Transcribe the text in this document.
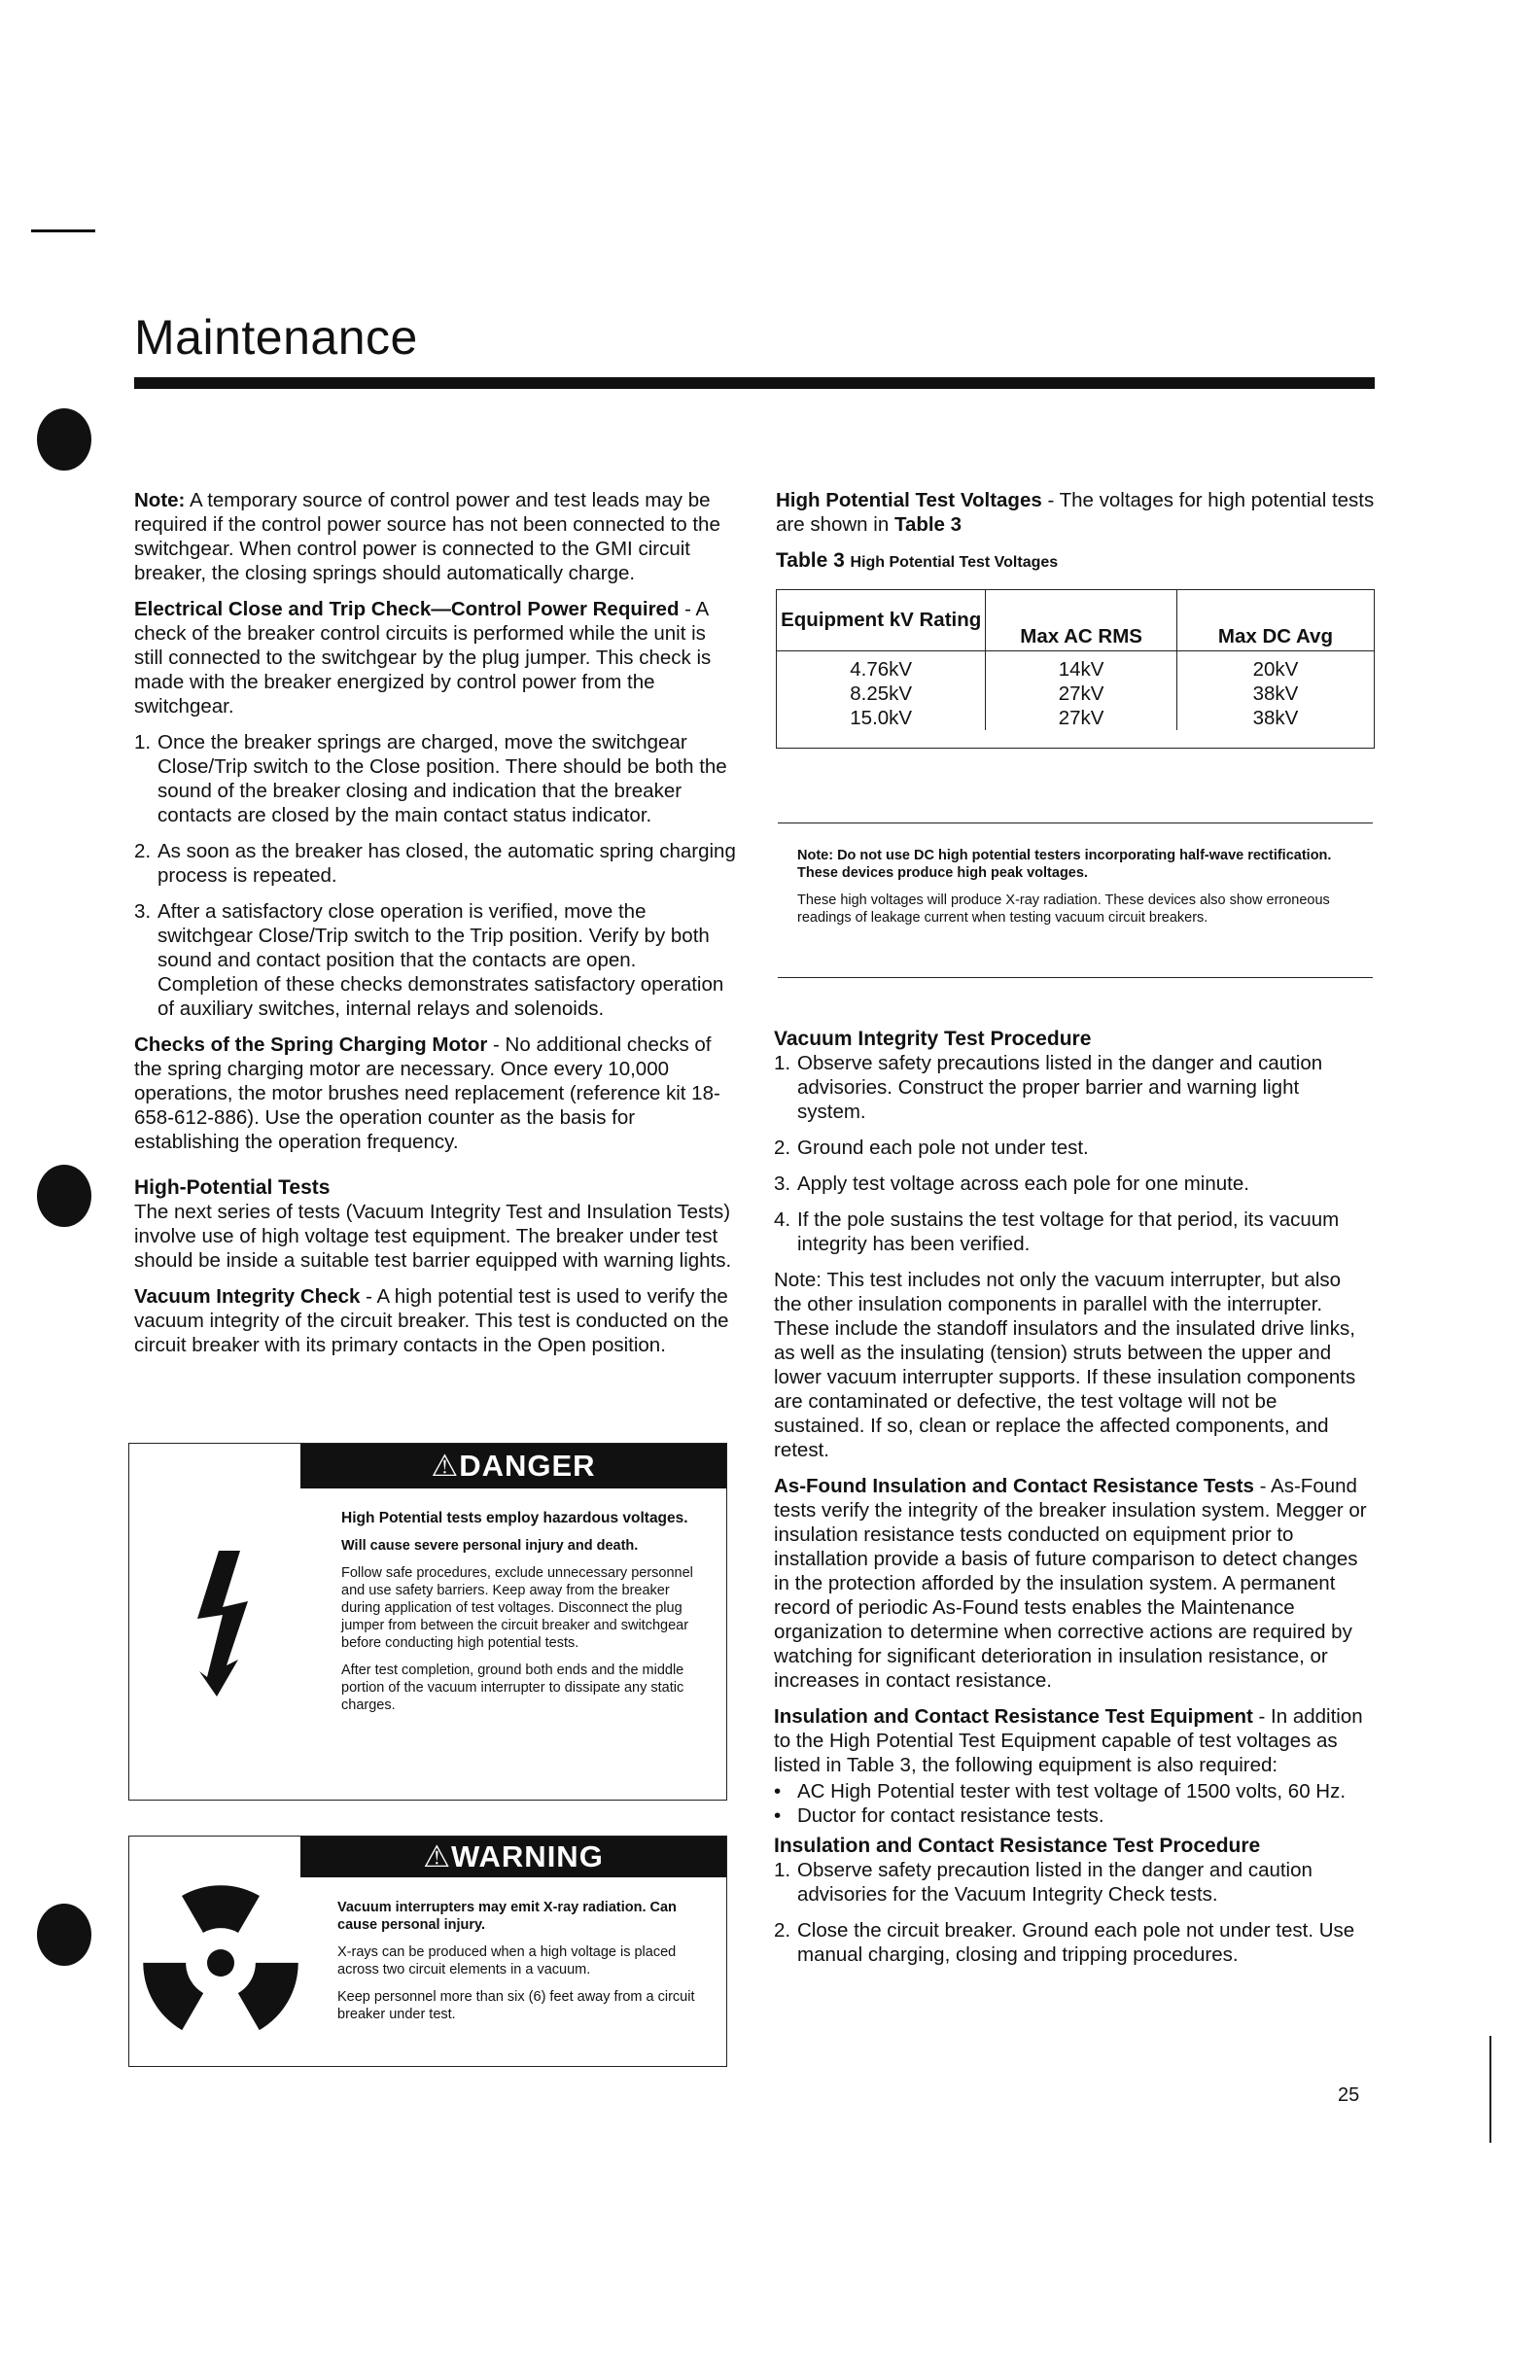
Maintenance

Note: A temporary source of control power and test leads may be required if the control power source has not been connected to the switchgear. When control power is connected to the GMI circuit breaker, the closing springs should automatically charge.

Electrical Close and Trip Check—Control Power Required - A check of the breaker control circuits is performed while the unit is still connected to the switchgear by the plug jumper. This check is made with the breaker energized by control power from the switchgear.

1. Once the breaker springs are charged, move the switchgear Close/Trip switch to the Close position. There should be both the sound of the breaker closing and indication that the breaker contacts are closed by the main contact status indicator.
2. As soon as the breaker has closed, the automatic spring charging process is repeated.
3. After a satisfactory close operation is verified, move the switchgear Close/Trip switch to the Trip position. Verify by both sound and contact position that the contacts are open. Completion of these checks demonstrates satisfactory operation of auxiliary switches, internal relays and solenoids.

Checks of the Spring Charging Motor - No additional checks of the spring charging motor are necessary. Once every 10,000 operations, the motor brushes need replacement (reference kit 18-658-612-886). Use the operation counter as the basis for establishing the operation frequency.

High-Potential Tests

The next series of tests (Vacuum Integrity Test and Insulation Tests) involve use of high voltage test equipment. The breaker under test should be inside a suitable test barrier equipped with warning lights.

Vacuum Integrity Check - A high potential test is used to verify the vacuum integrity of the circuit breaker. This test is conducted on the circuit breaker with its primary contacts in the Open position.

⚠DANGER

High Potential tests employ hazardous voltages.

Will cause severe personal injury and death.

Follow safe procedures, exclude unnecessary personnel and use safety barriers. Keep away from the breaker during application of test voltages. Disconnect the plug jumper from between the circuit breaker and switchgear before conducting high potential tests.

After test completion, ground both ends and the middle portion of the vacuum interrupter to dissipate any static charges.

⚠WARNING

Vacuum interrupters may emit X-ray radiation. Can cause personal injury.

X-rays can be produced when a high voltage is placed across two circuit elements in a vacuum.

Keep personnel more than six (6) feet away from a circuit breaker under test.

High Potential Test Voltages - The voltages for high potential tests are shown in Table 3

Table 3 High Potential Test Voltages

Equipment kV Rating	Max AC RMS	Max DC Avg
4.76kV	14kV	20kV
8.25kV	27kV	38kV
15.0kV	27kV	38kV

Note: Do not use DC high potential testers incorporating half-wave rectification. These devices produce high peak voltages.

These high voltages will produce X-ray radiation. These devices also show erroneous readings of leakage current when testing vacuum circuit breakers.

Vacuum Integrity Test Procedure
1. Observe safety precautions listed in the danger and caution advisories. Construct the proper barrier and warning light system.
2. Ground each pole not under test.
3. Apply test voltage across each pole for one minute.
4. If the pole sustains the test voltage for that period, its vacuum integrity has been verified.

Note: This test includes not only the vacuum interrupter, but also the other insulation components in parallel with the interrupter. These include the standoff insulators and the insulated drive links, as well as the insulating (tension) struts between the upper and lower vacuum interrupter supports. If these insulation components are contaminated or defective, the test voltage will not be sustained. If so, clean or replace the affected components, and retest.

As-Found Insulation and Contact Resistance Tests - As-Found tests verify the integrity of the breaker insulation system. Megger or insulation resistance tests conducted on equipment prior to installation provide a basis of future comparison to detect changes in the protection afforded by the insulation system. A permanent record of periodic As-Found tests enables the Maintenance organization to determine when corrective actions are required by watching for significant deterioration in insulation resistance, or increases in contact resistance.

Insulation and Contact Resistance Test Equipment - In addition to the High Potential Test Equipment capable of test voltages as listed in Table 3, the following equipment is also required:

• AC High Potential tester with test voltage of 1500 volts, 60 Hz.
• Ductor for contact resistance tests.
Insulation and Contact Resistance Test Procedure
1. Observe safety precaution listed in the danger and caution advisories for the Vacuum Integrity Check tests.
2. Close the circuit breaker. Ground each pole not under test. Use manual charging, closing and tripping procedures.
25
